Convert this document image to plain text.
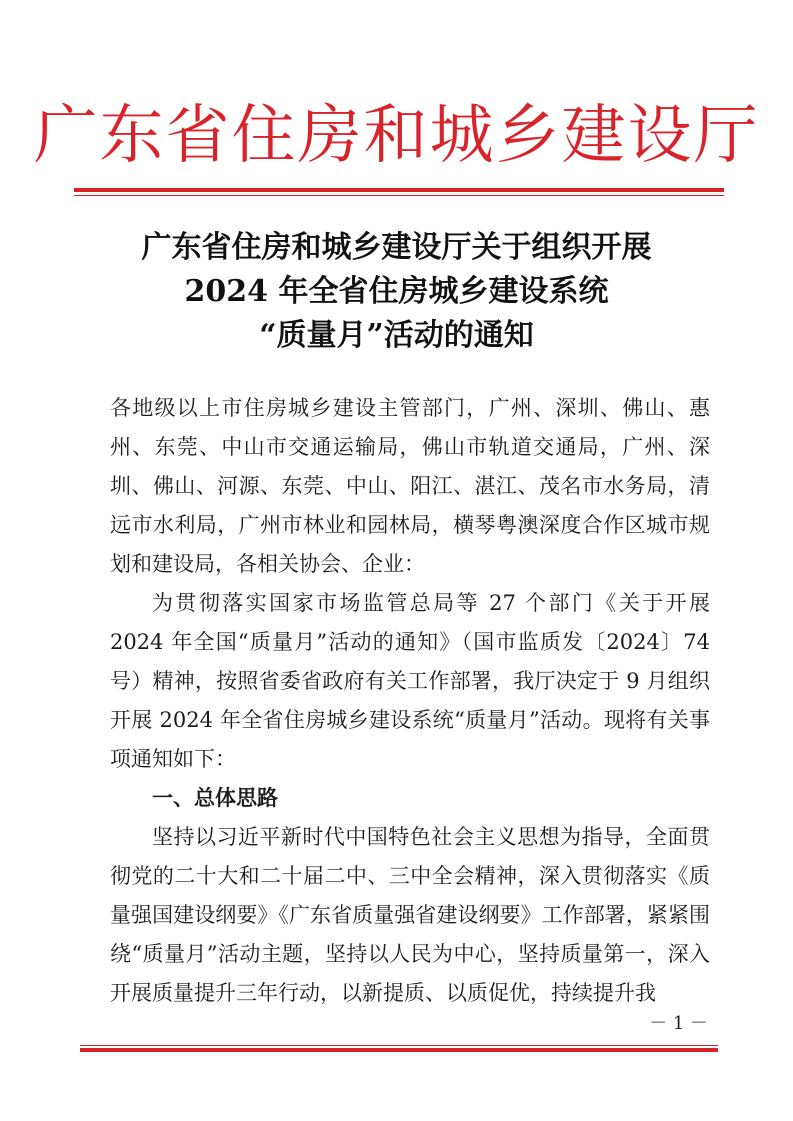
广东省住房和城乡建设厅
广东省住房和城乡建设厅关于组织开展
2024 年全省住房城乡建设系统
“质量月”活动的通知

各地级以上市住房城乡建设主管部门，广州、深圳、佛山、惠州、东莞、中山市交通运输局，佛山市轨道交通局，广州、深圳、佛山、河源、东莞、中山、阳江、湛江、茂名市水务局，清远市水利局，广州市林业和园林局，横琴粤澳深度合作区城市规划和建设局，各相关协会、企业：

为贯彻落实国家市场监管总局等 27 个部门《关于开展 2024 年全国“质量月”活动的通知》（国市监质发〔2024〕74 号）精神，按照省委省政府有关工作部署，我厅决定于 9 月组织开展 2024 年全省住房城乡建设系统“质量月”活动。现将有关事项通知如下：

一、总体思路

坚持以习近平新时代中国特色社会主义思想为指导，全面贯彻党的二十大和二十届二中、三中全会精神，深入贯彻落实《质量强国建设纲要》《广东省质量强省建设纲要》工作部署，紧紧围绕“质量月”活动主题，坚持以人民为中心，坚持质量第一，深入开展质量提升三年行动，以新提质、以质促优，持续提升我

－ 1 －
